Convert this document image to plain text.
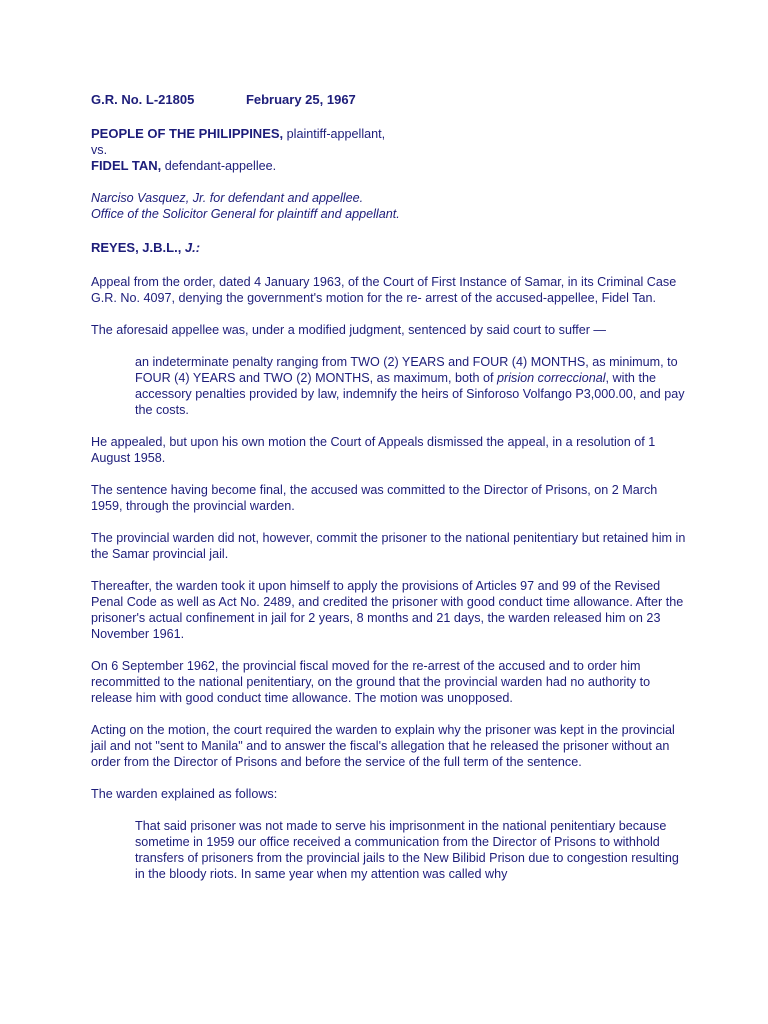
G.R. No. L-21805	February 25, 1967

PEOPLE OF THE PHILIPPINES, plaintiff-appellant,
vs.
FIDEL TAN, defendant-appellee.

Narciso Vasquez, Jr. for defendant and appellee.
Office of the Solicitor General for plaintiff and appellant.

REYES, J.B.L., J.:

Appeal from the order, dated 4 January 1963, of the Court of First Instance of Samar, in its Criminal Case G.R. No. 4097, denying the government's motion for the re- arrest of the accused-appellee, Fidel Tan.

The aforesaid appellee was, under a modified judgment, sentenced by said court to suffer —

an indeterminate penalty ranging from TWO (2) YEARS and FOUR (4) MONTHS, as minimum, to FOUR (4) YEARS and TWO (2) MONTHS, as maximum, both of prision correccional, with the accessory penalties provided by law, indemnify the heirs of Sinforoso Volfango P3,000.00, and pay the costs.

He appealed, but upon his own motion the Court of Appeals dismissed the appeal, in a resolution of 1 August 1958.

The sentence having become final, the accused was committed to the Director of Prisons, on 2 March 1959, through the provincial warden.

The provincial warden did not, however, commit the prisoner to the national penitentiary but retained him in the Samar provincial jail.

Thereafter, the warden took it upon himself to apply the provisions of Articles 97 and 99 of the Revised Penal Code as well as Act No. 2489, and credited the prisoner with good conduct time allowance. After the prisoner's actual confinement in jail for 2 years, 8 months and 21 days, the warden released him on 23 November 1961.

On 6 September 1962, the provincial fiscal moved for the re-arrest of the accused and to order him recommitted to the national penitentiary, on the ground that the provincial warden had no authority to release him with good conduct time allowance. The motion was unopposed.

Acting on the motion, the court required the warden to explain why the prisoner was kept in the provincial jail and not "sent to Manila" and to answer the fiscal's allegation that he released the prisoner without an order from the Director of Prisons and before the service of the full term of the sentence.

The warden explained as follows:

That said prisoner was not made to serve his imprisonment in the national penitentiary because sometime in 1959 our office received a communication from the Director of Prisons to withhold transfers of prisoners from the provincial jails to the New Bilibid Prison due to congestion resulting in the bloody riots. In same year when my attention was called why
